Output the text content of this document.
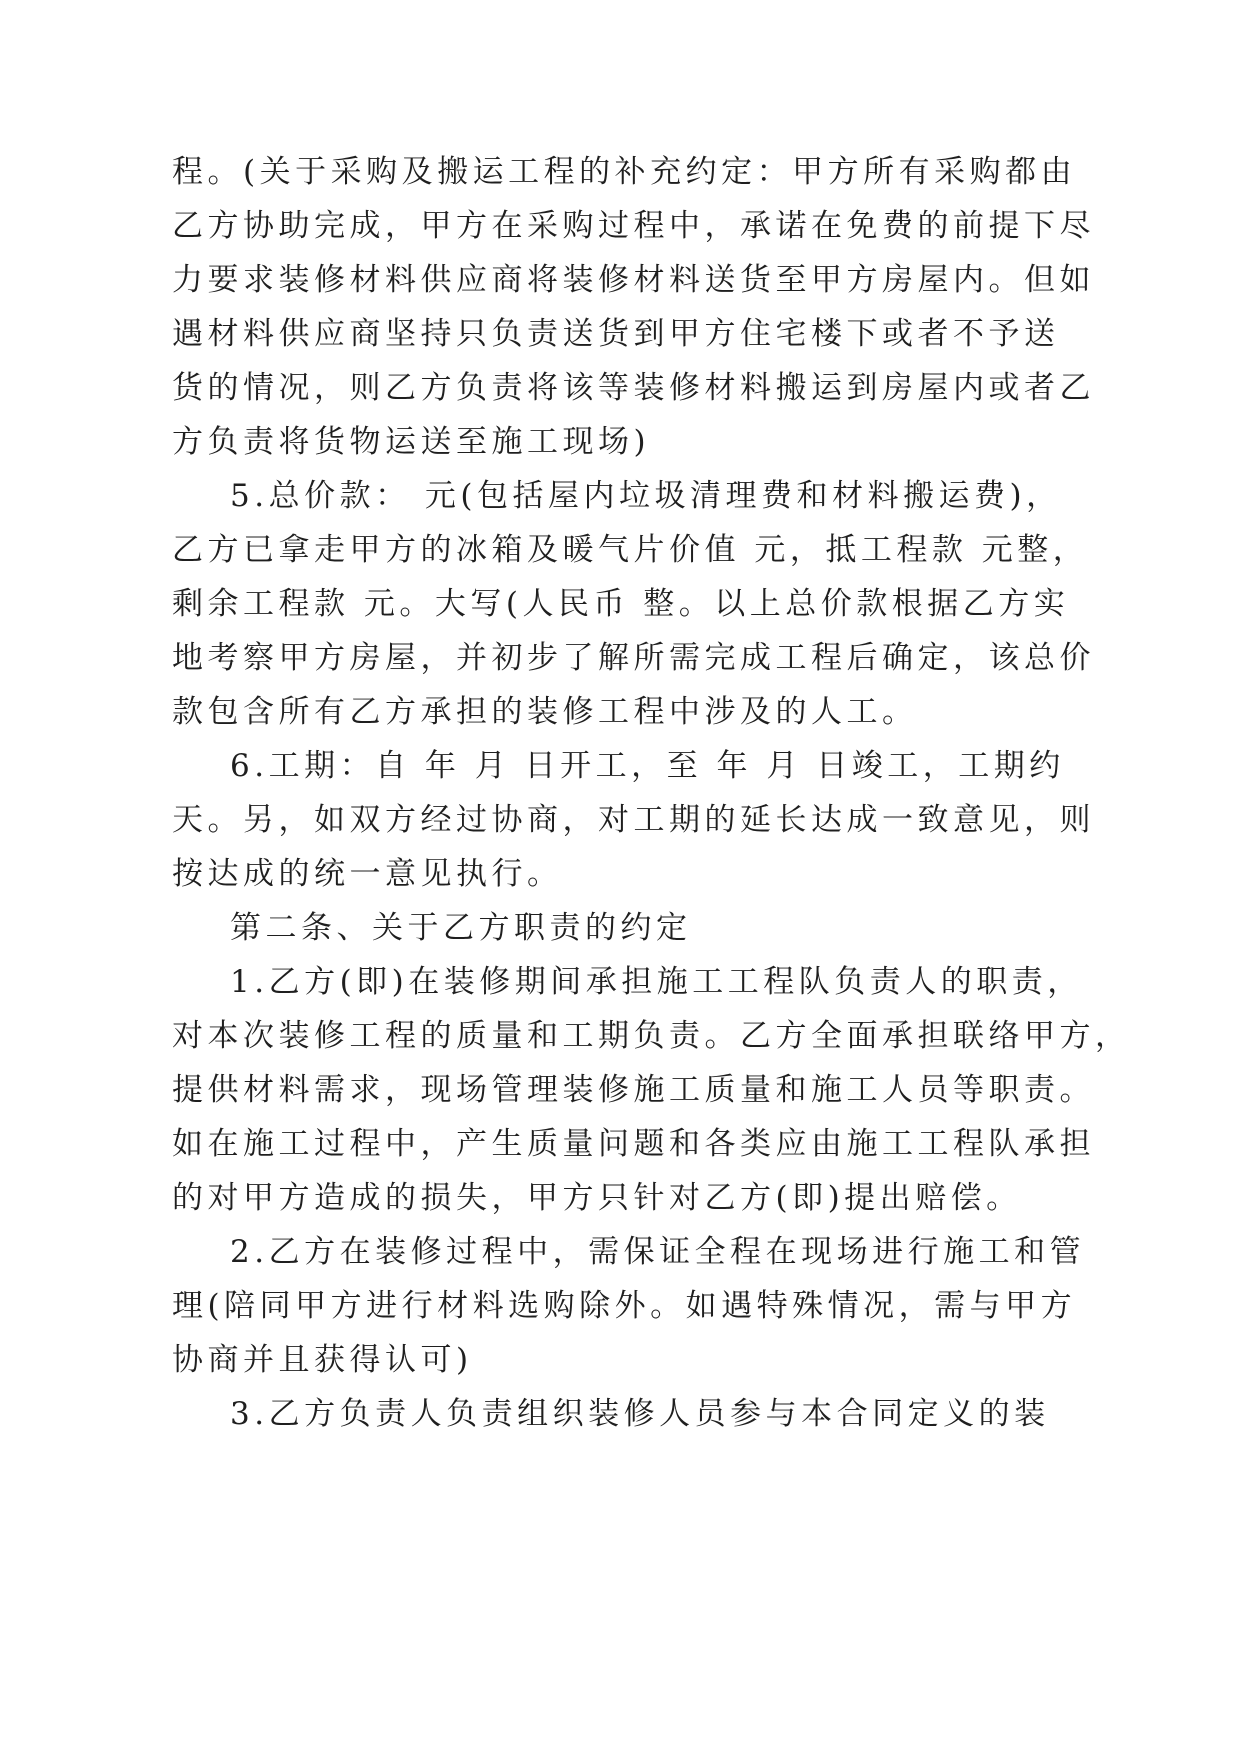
程。(关于采购及搬运工程的补充约定：甲方所有采购都由
乙方协助完成，甲方在采购过程中，承诺在免费的前提下尽
力要求装修材料供应商将装修材料送货至甲方房屋内。但如
遇材料供应商坚持只负责送货到甲方住宅楼下或者不予送
货的情况，则乙方负责将该等装修材料搬运到房屋内或者乙
方负责将货物运送至施工现场)
5.总价款： 元(包括屋内垃圾清理费和材料搬运费)，
乙方已拿走甲方的冰箱及暖气片价值 元，抵工程款 元整，
剩余工程款 元。大写(人民币 整。以上总价款根据乙方实
地考察甲方房屋，并初步了解所需完成工程后确定，该总价
款包含所有乙方承担的装修工程中涉及的人工。
6.工期：自 年 月 日开工，至 年 月 日竣工，工期约
天。另，如双方经过协商，对工期的延长达成一致意见，则
按达成的统一意见执行。
第二条、关于乙方职责的约定
1.乙方(即)在装修期间承担施工工程队负责人的职责，
对本次装修工程的质量和工期负责。乙方全面承担联络甲方，
提供材料需求，现场管理装修施工质量和施工人员等职责。
如在施工过程中，产生质量问题和各类应由施工工程队承担
的对甲方造成的损失，甲方只针对乙方(即)提出赔偿。
2.乙方在装修过程中，需保证全程在现场进行施工和管
理(陪同甲方进行材料选购除外。如遇特殊情况，需与甲方
协商并且获得认可)
3.乙方负责人负责组织装修人员参与本合同定义的装
